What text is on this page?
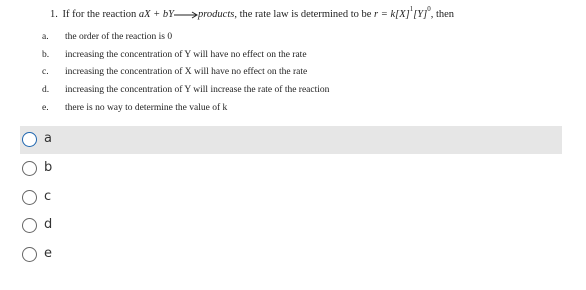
1. If for the reaction aX + bY→products, the rate law is determined to be $r = k[X]^1[Y]^0$, then
a. the order of the reaction is 0
b. increasing the concentration of Y will have no effect on the rate
c. increasing the concentration of X will have no effect on the rate
d. increasing the concentration of Y will increase the rate of the reaction
e. there is no way to determine the value of k
a
b
c
d
e
